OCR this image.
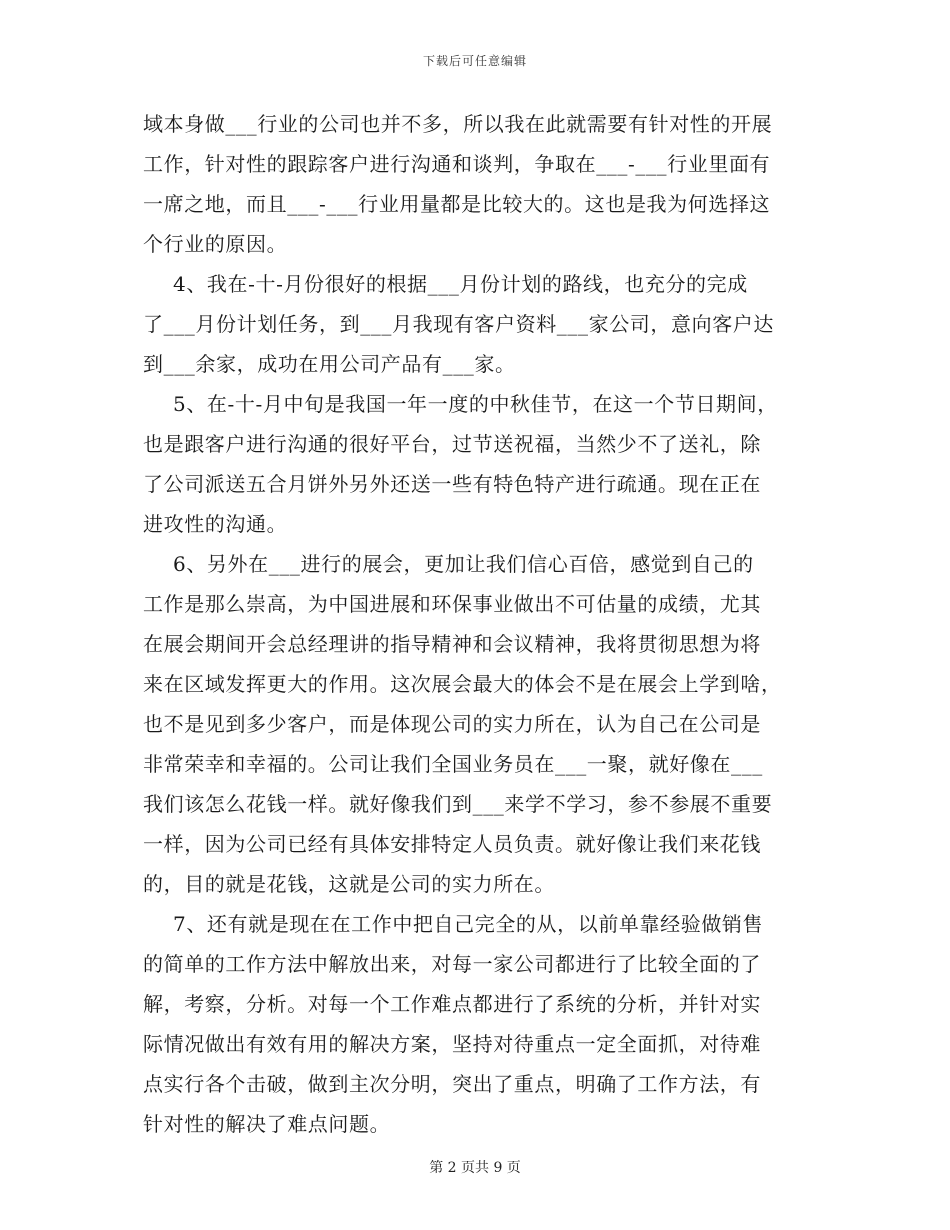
下载后可任意编辑
域本身做___行业的公司也并不多，所以我在此就需要有针对性的开展
工作，针对性的跟踪客户进行沟通和谈判，争取在___-___行业里面有
一席之地，而且___-___行业用量都是比较大的。这也是我为何选择这
个行业的原因。
4、我在-十-月份很好的根据___月份计划的路线，也充分的完成
了___月份计划任务，到___月我现有客户资料___家公司，意向客户达
到___余家，成功在用公司产品有___家。
5、在-十-月中旬是我国一年一度的中秋佳节，在这一个节日期间，
也是跟客户进行沟通的很好平台，过节送祝福，当然少不了送礼，除
了公司派送五合月饼外另外还送一些有特色特产进行疏通。现在正在
进攻性的沟通。
6、另外在___进行的展会，更加让我们信心百倍，感觉到自己的
工作是那么崇高，为中国进展和环保事业做出不可估量的成绩，尤其
在展会期间开会总经理讲的指导精神和会议精神，我将贯彻思想为将
来在区域发挥更大的作用。这次展会最大的体会不是在展会上学到啥，
也不是见到多少客户，而是体现公司的实力所在，认为自己在公司是
非常荣幸和幸福的。公司让我们全国业务员在___一聚，就好像在___
我们该怎么花钱一样。就好像我们到___来学不学习，参不参展不重要
一样，因为公司已经有具体安排特定人员负责。就好像让我们来花钱
的，目的就是花钱，这就是公司的实力所在。
7、还有就是现在在工作中把自己完全的从，以前单靠经验做销售
的简单的工作方法中解放出来，对每一家公司都进行了比较全面的了
解，考察，分析。对每一个工作难点都进行了系统的分析，并针对实
际情况做出有效有用的解决方案，坚持对待重点一定全面抓，对待难
点实行各个击破，做到主次分明，突出了重点，明确了工作方法，有
针对性的解决了难点问题。
第 2 页共 9 页
